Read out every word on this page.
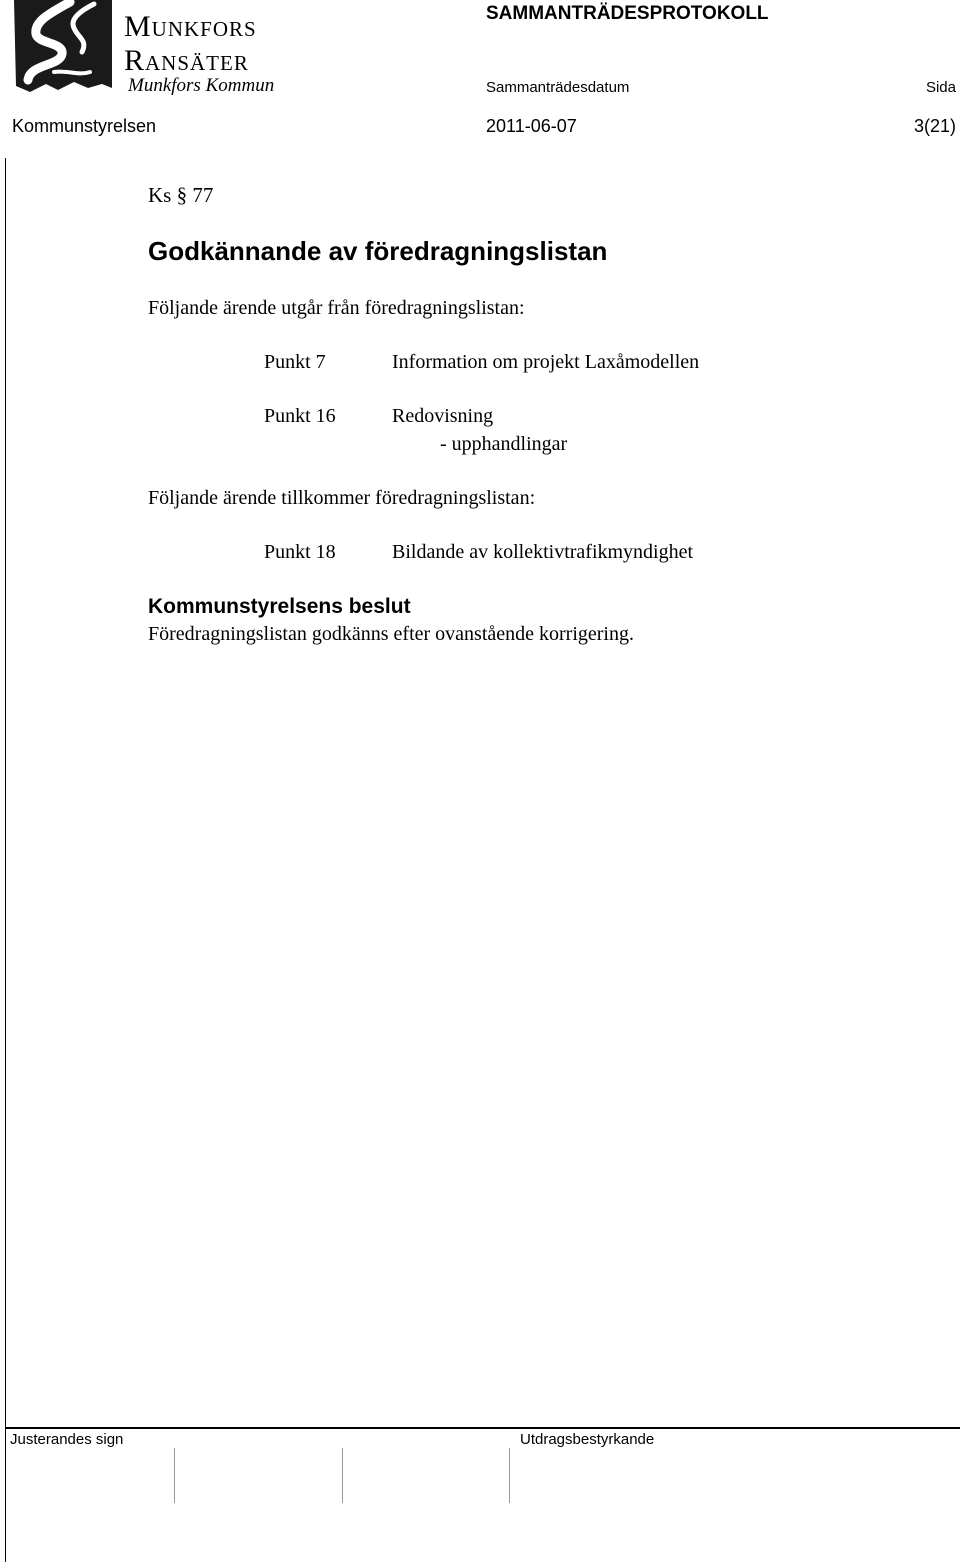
Munkfors
Ransäter
Munkfors Kommun
SAMMANTRÄDESPROTOKOLL
Sammanträdesdatum	Sida
Kommunstyrelsen	2011-06-07	3(21)
Ks § 77
Godkännande av föredragningslistan
Följande ärende utgår från föredragningslistan:
Punkt 7	Information om projekt Laxåmodellen
Punkt 16	Redovisning
- upphandlingar
Följande ärende tillkommer föredragningslistan:
Punkt 18	Bildande av kollektivtrafikmyndighet
Kommunstyrelsens beslut
Föredragningslistan godkänns efter ovanstående korrigering.
Justerandes sign	Utdragsbestyrkande
